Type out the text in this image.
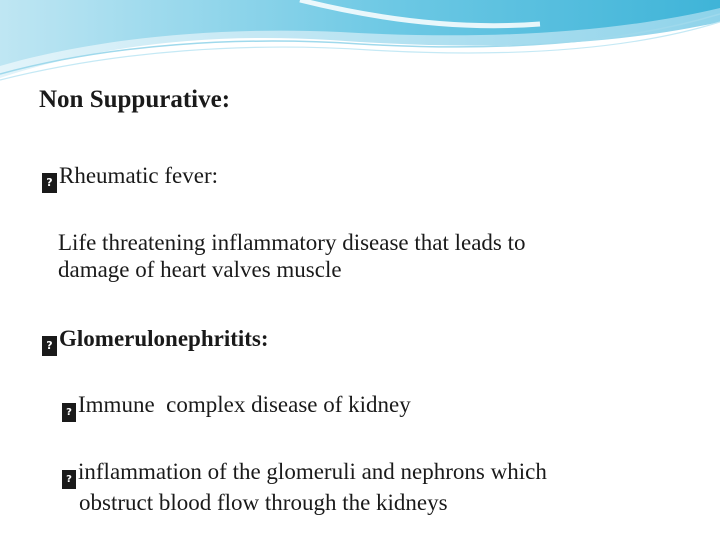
Non Suppurative:

? Rheumatic fever:

Life threatening inflammatory disease that leads to
damage of heart valves muscle

? Glomerulonephritits:

? Immune  complex disease of kidney

? inflammation of the glomeruli and nephrons which
obstruct blood flow through the kidneys
